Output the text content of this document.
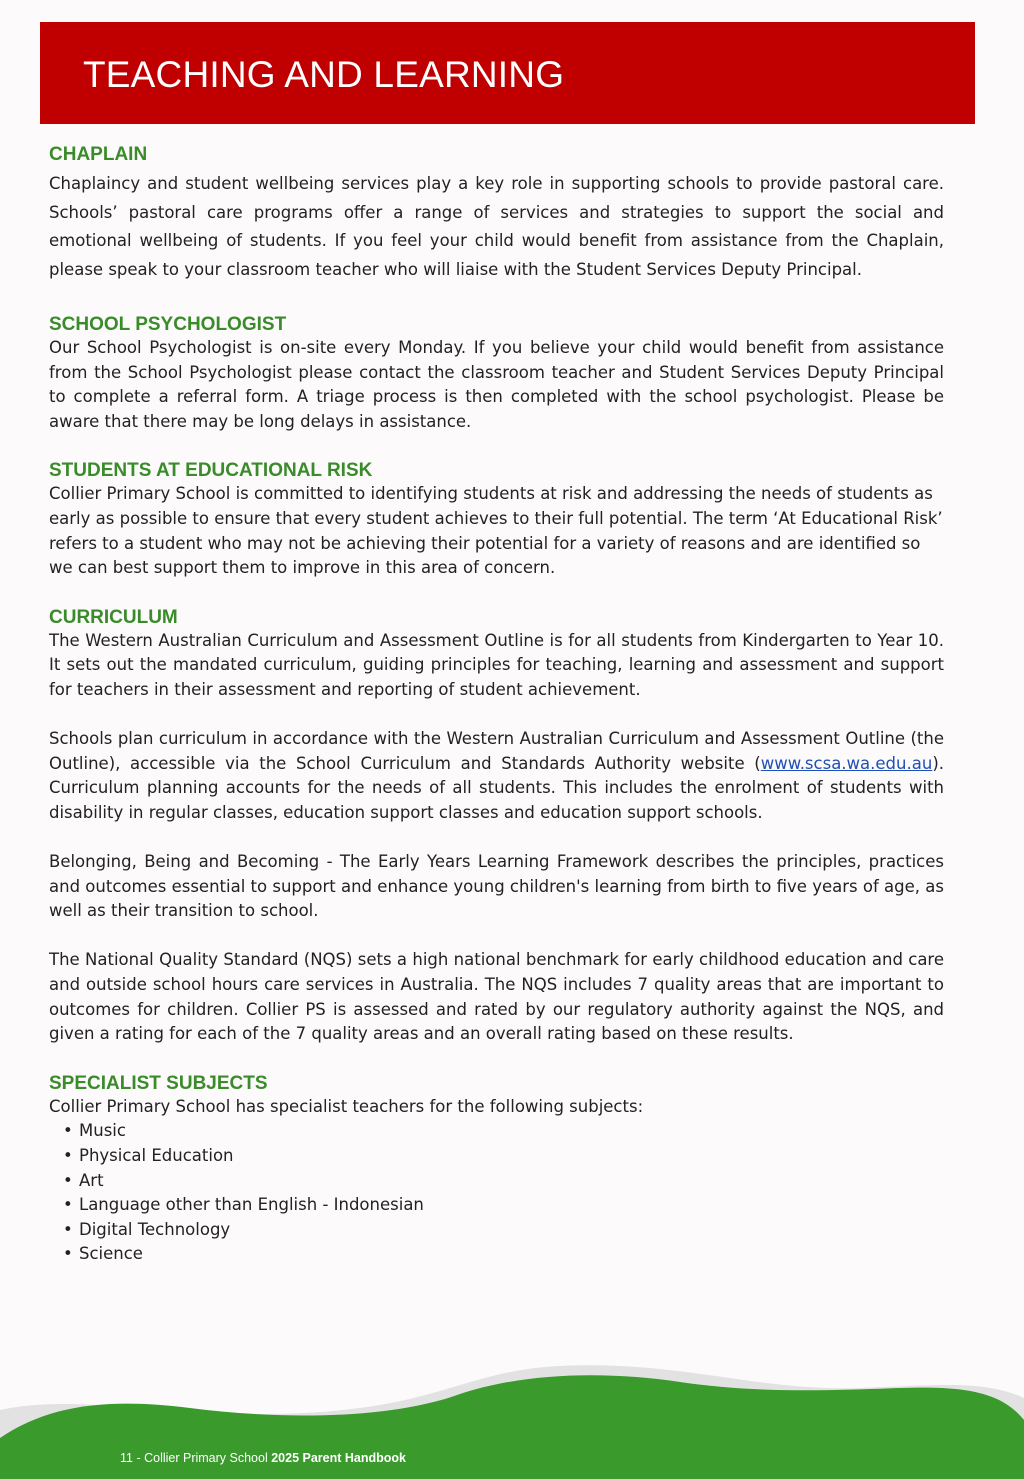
TEACHING AND LEARNING
CHAPLAIN

Chaplaincy and student wellbeing services play a key role in supporting schools to provide pastoral care. Schools’ pastoral care programs offer a range of services and strategies to support the social and emotional wellbeing of students. If you feel your child would benefit from assistance from the Chaplain, please speak to your classroom teacher who will liaise with the Student Services Deputy Principal.

SCHOOL PSYCHOLOGIST

Our School Psychologist is on-site every Monday. If you believe your child would benefit from assistance from the School Psychologist please contact the classroom teacher and Student Services Deputy Principal to complete a referral form. A triage process is then completed with the school psychologist. Please be aware that there may be long delays in assistance.

STUDENTS AT EDUCATIONAL RISK

Collier Primary School is committed to identifying students at risk and addressing the needs of students as early as possible to ensure that every student achieves to their full potential. The term ‘At Educational Risk’ refers to a student who may not be achieving their potential for a variety of reasons and are identified so we can best support them to improve in this area of concern.

CURRICULUM

The Western Australian Curriculum and Assessment Outline is for all students from Kindergarten to Year 10. It sets out the mandated curriculum, guiding principles for teaching, learning and assessment and support for teachers in their assessment and reporting of student achievement.

Schools plan curriculum in accordance with the Western Australian Curriculum and Assessment Outline (the Outline), accessible via the School Curriculum and Standards Authority website (www.scsa.wa.edu.au). Curriculum planning accounts for the needs of all students. This includes the enrolment of students with disability in regular classes, education support classes and education support schools.

Belonging, Being and Becoming - The Early Years Learning Framework describes the principles, practices and outcomes essential to support and enhance young children's learning from birth to five years of age, as well as their transition to school.

The National Quality Standard (NQS) sets a high national benchmark for early childhood education and care and outside school hours care services in Australia. The NQS includes 7 quality areas that are important to outcomes for children. Collier PS is assessed and rated by our regulatory authority against the NQS, and given a rating for each of the 7 quality areas and an overall rating based on these results.

SPECIALIST SUBJECTS

Collier Primary School has specialist teachers for the following subjects:

• Music
• Physical Education
• Art
• Language other than English - Indonesian
• Digital Technology
• Science
11 - Collier Primary School 2025 Parent Handbook
